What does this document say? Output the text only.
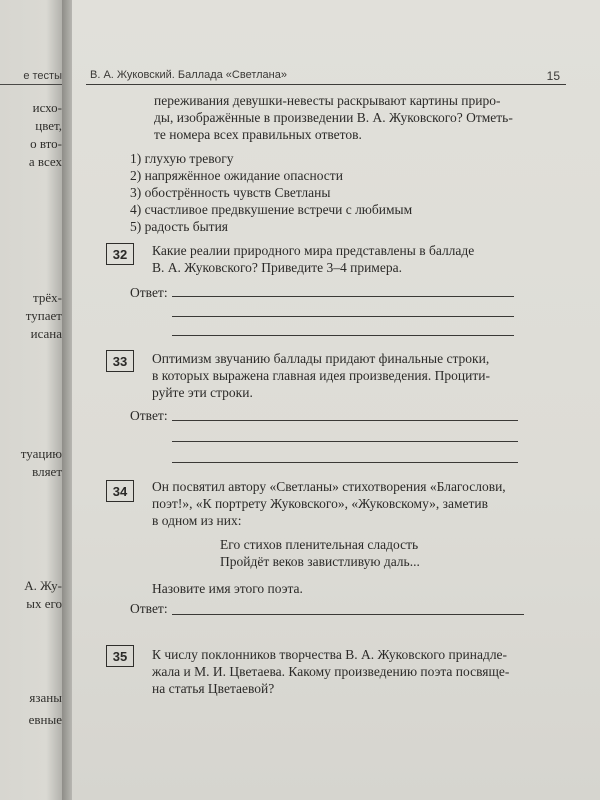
е тесты
исхо-
цвет,
о вто-
а всех
трёх-
тупает
исана
туацию
вляет
А. Жу-
ых его
язаны
евные
В. А. Жуковский. Баллада «Светлана»	15
переживания девушки-невесты раскрывают картины приро-
ды, изображённые в произведении В. А. Жуковского? Отметь-
те номера всех правильных ответов.
1) глухую тревогу
2) напряжённое ожидание опасности
3) обострённость чувств Светланы
4) счастливое предвкушение встречи с любимым
5) радость бытия
32	Какие реалии природного мира представлены в балладе
В. А. Жуковского? Приведите 3–4 примера.
Ответ:
33	Оптимизм звучанию баллады придают финальные строки,
в которых выражена главная идея произведения. Процити-
руйте эти строки.
Ответ:
34	Он посвятил автору «Светланы» стихотворения «Благослови,
поэт!», «К портрету Жуковского», «Жуковскому», заметив
в одном из них:
Его стихов пленительная сладость
Пройдёт веков завистливую даль...
Назовите имя этого поэта.
Ответ:
35	К числу поклонников творчества В. А. Жуковского принадле-
жала и М. И. Цветаева. Какому произведению поэта посвяще-
на статья Цветаевой?
